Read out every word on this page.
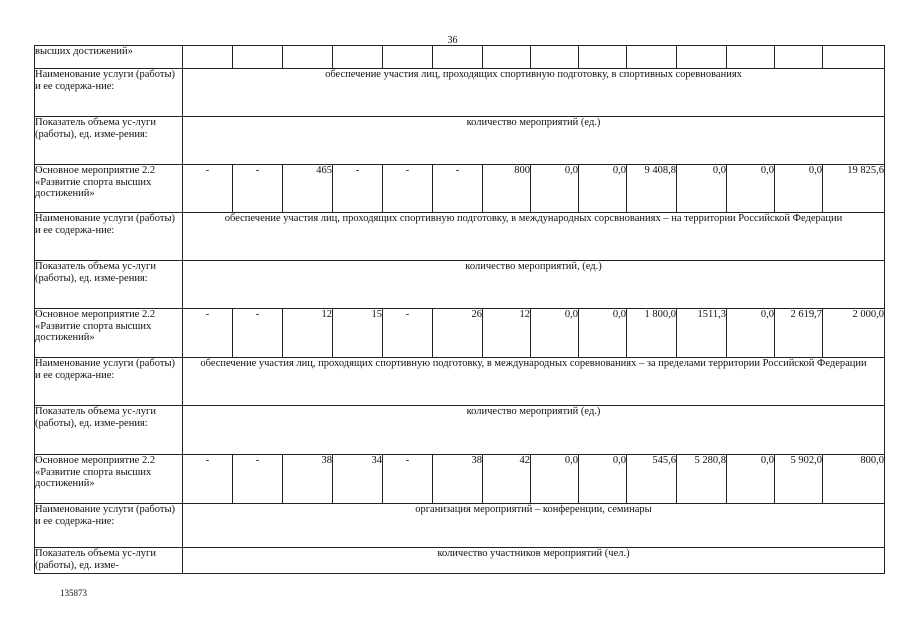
36
высших достижений»														
Наименование услуги (работы) и ее содержа-ние:	обеспечение участия лиц, проходящих спортивную подготовку, в спортивных соревнованиях													
Показатель объема ус-луги (работы), ед. изме-рения:	количество мероприятий (ед.)													
Основное мероприятие 2.2 «Развитие спорта высших достижений»	-	-	465	-	-	-	800	0,0	0,0	9 408,8	0,0	0,0	0,0	19 825,6
Наименование услуги (работы) и ее содержа-ние:	обеспечение участия лиц, проходящих спортивную подготовку, в международных сорсвнованиях – на территории Российской Федерации													
Показатель объема ус-луги (работы), ед. изме-рения:	количество мероприятий, (ед.)													
Основное мероприятие 2.2 «Развитие спорта высших достижений»	-	-	12	15	-	26	12	0,0	0,0	1 800,0	1511,3	0,0	2 619,7	2 000,0
Наименование услуги (работы) и ее содержа-ние:	обеспечение участия лиц, проходящих спортивную подготовку, в международных соревнованиях – за пределами территории Российской Федерации													
Показатель объема ус-луги (работы), ед. изме-рения:	количество мероприятий (ед.)													
Основное мероприятие 2.2 «Развитие спорта высших достижений»	-	-	38	34	-	38	42	0,0	0,0	545,6	5 280,8	0,0	5 902,0	800,0
Наименование услуги (работы) и ее содержа-ние:	организация мероприятий – конференции, семинары													
Показатель объема ус-луги (работы), ед. изме-	количество участников мероприятий (чел.)													
135873
